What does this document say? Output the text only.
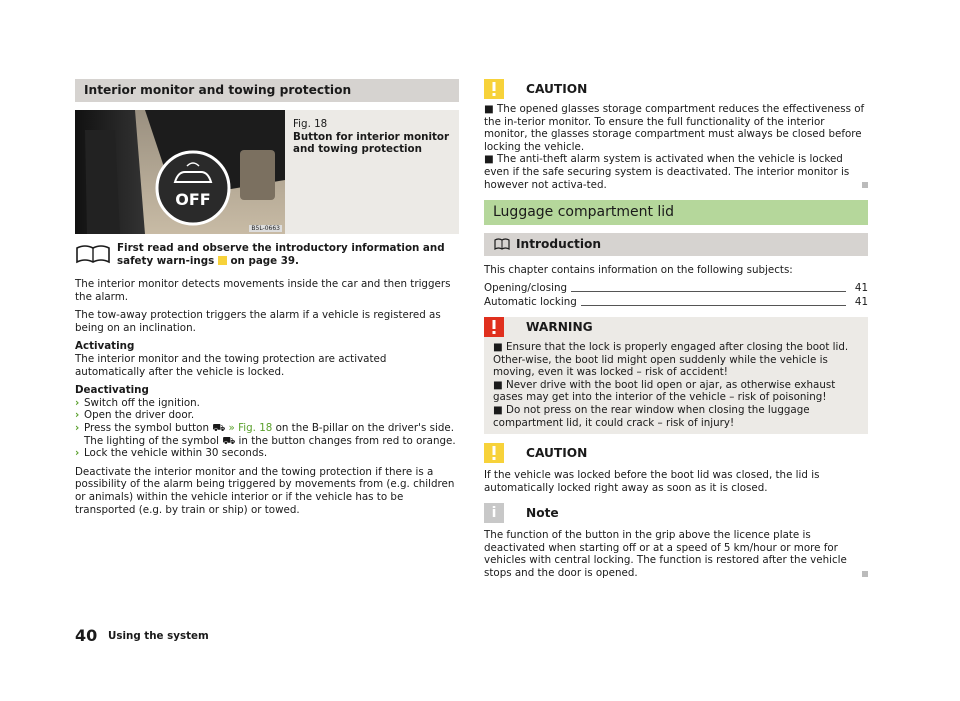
Interior monitor and towing protection
OFF
B5L-0663
Fig. 18
Button for interior monitor and towing protection
First read and observe the introductory information and safety warn-ings on page 39.

The interior monitor detects movements inside the car and then triggers the alarm.

The tow-away protection triggers the alarm if a vehicle is registered as being on an inclination.

Activating
The interior monitor and the towing protection are activated automatically after the vehicle is locked.

Deactivating

› Switch off the ignition.

› Open the driver door.

› Press the symbol button ⛟ » Fig. 18 on the B-pillar on the driver's side. The lighting of the symbol ⛟ in the button changes from red to orange.

› Lock the vehicle within 30 seconds.

Deactivate the interior monitor and the towing protection if there is a possibility of the alarm being triggered by movements from (e.g. children or animals) within the vehicle interior or if the vehicle has to be transported (e.g. by train or ship) or towed.

CAUTION

■ The opened glasses storage compartment reduces the effectiveness of the in-terior monitor. To ensure the full functionality of the interior monitor, the glasses storage compartment must always be closed before locking the vehicle.

■ The anti-theft alarm system is activated when the vehicle is locked even if the safe securing system is deactivated. The interior monitor is however not activa-ted.

Luggage compartment lid
Introduction
This chapter contains information on the following subjects:
Opening/closing	41
Automatic locking	41
WARNING

■ Ensure that the lock is properly engaged after closing the boot lid. Other-wise, the boot lid might open suddenly while the vehicle is moving, even it was locked – risk of accident!

■ Never drive with the boot lid open or ajar, as otherwise exhaust gases may get into the interior of the vehicle – risk of poisoning!

■ Do not press on the rear window when closing the luggage compartment lid, it could crack – risk of injury!

CAUTION
If the vehicle was locked before the boot lid was closed, the lid is automatically locked right away as soon as it is closed.
i	Note
The function of the button in the grip above the licence plate is deactivated when starting off or at a speed of 5 km/hour or more for vehicles with central locking. The function is restored after the vehicle stops and the door is opened.
40 Using the system
